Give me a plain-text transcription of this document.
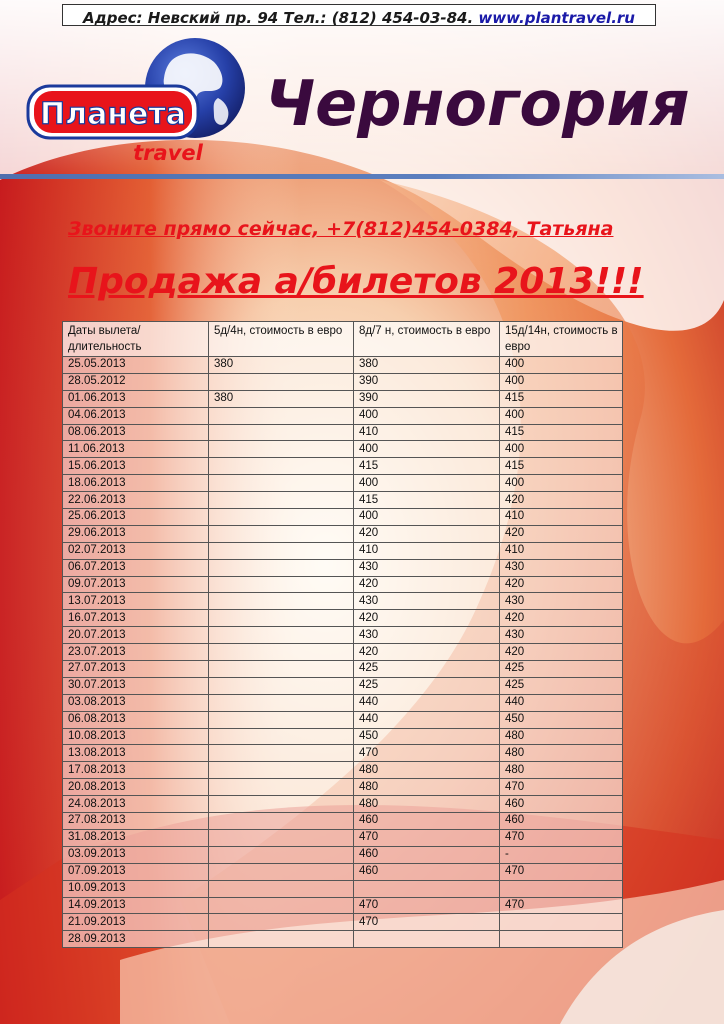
Адрес: Невский пр. 94 Тел.: (812) 454-03-84. www.plantravel.ru
Планета
travel
Черногория
Звоните прямо сейчас, +7(812)454-0384, Татьяна
Продажа а/билетов 2013!!!
Даты вылета/длительность	5д/4н, стоимость в евро	8д/7 н, стоимость в евро	15д/14н, стоимость в евро
25.05.2013	380	380	400
28.05.2012		390	400
01.06.2013	380	390	415
04.06.2013		400	400
08.06.2013		410	415
11.06.2013		400	400
15.06.2013		415	415
18.06.2013		400	400
22.06.2013		415	420
25.06.2013		400	410
29.06.2013		420	420
02.07.2013		410	410
06.07.2013		430	430
09.07.2013		420	420
13.07.2013		430	430
16.07.2013		420	420
20.07.2013		430	430
23.07.2013		420	420
27.07.2013		425	425
30.07.2013		425	425
03.08.2013		440	440
06.08.2013		440	450
10.08.2013		450	480
13.08.2013		470	480
17.08.2013		480	480
20.08.2013		480	470
24.08.2013		480	460
27.08.2013		460	460
31.08.2013		470	470
03.09.2013		460	-
07.09.2013		460	470
10.09.2013			
14.09.2013		470	470
21.09.2013		470	
28.09.2013			
